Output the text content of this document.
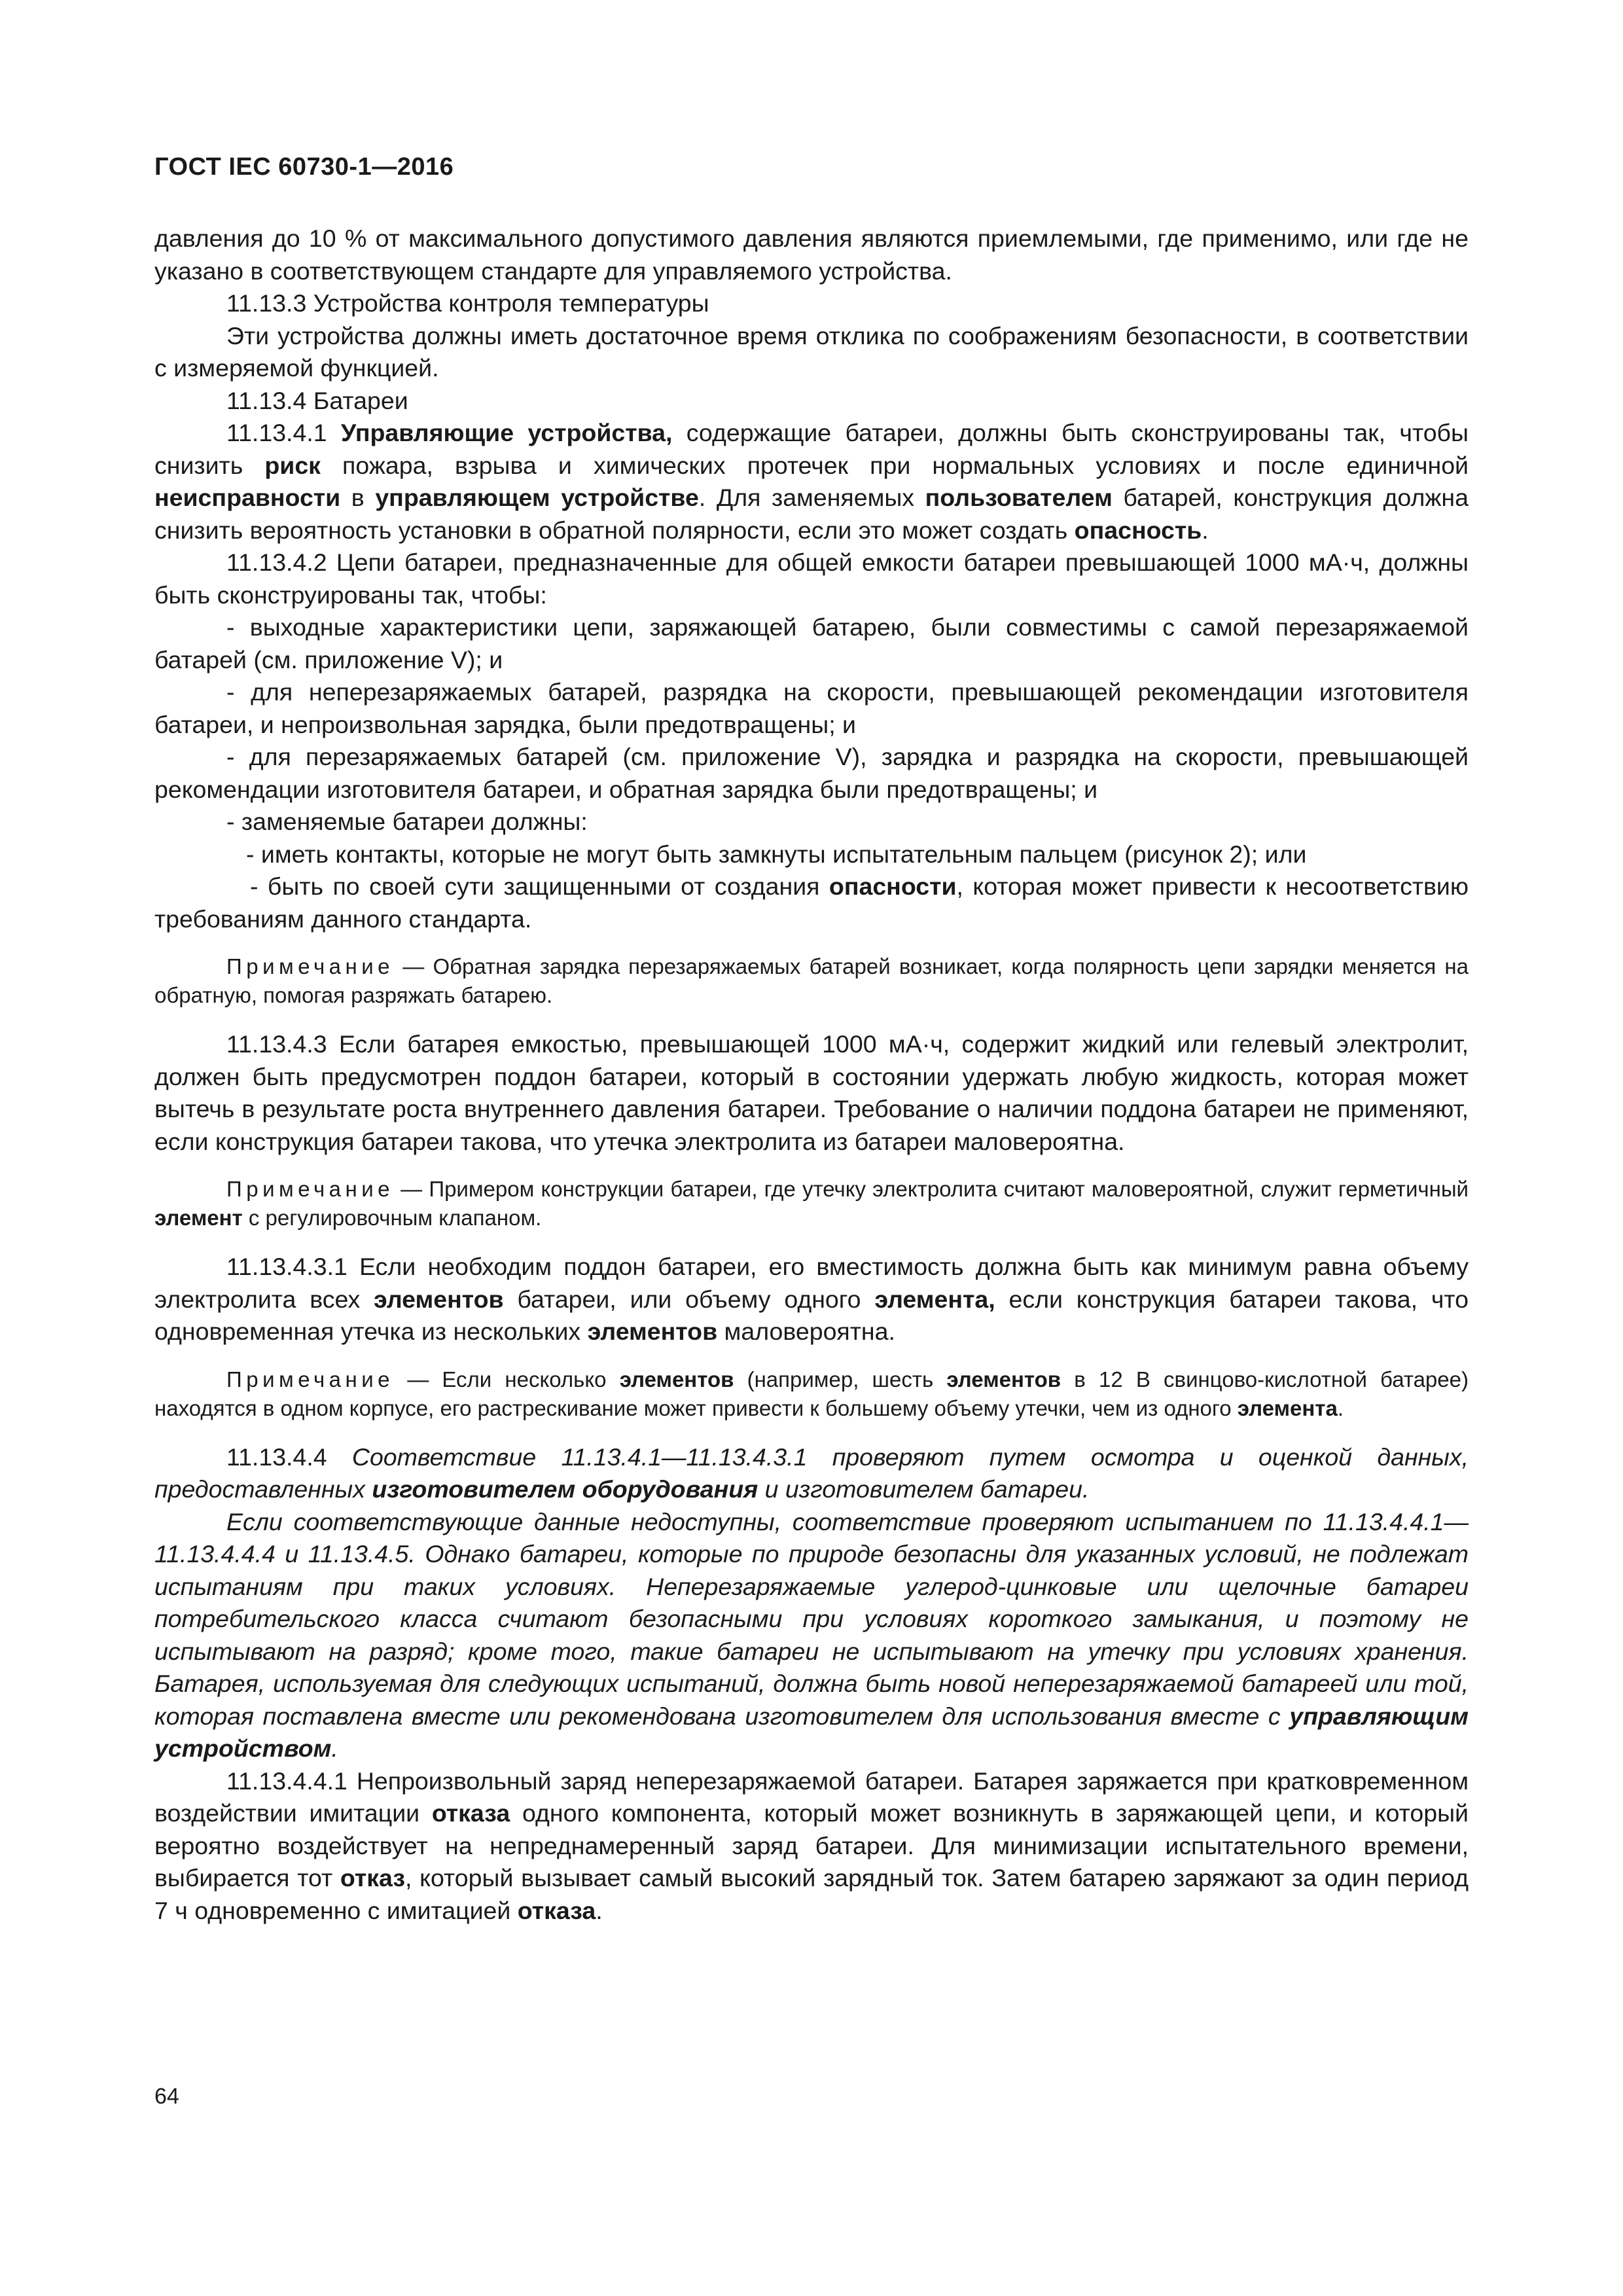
ГОСТ IEC 60730-1—2016

давления до 10 % от максимального допустимого давления являются приемлемыми, где применимо, или где не указано в соответствующем стандарте для управляемого устройства.

11.13.3 Устройства контроля температуры

Эти устройства должны иметь достаточное время отклика по соображениям безопасности, в соответствии с измеряемой функцией.

11.13.4 Батареи

11.13.4.1 Управляющие устройства, содержащие батареи, должны быть сконструированы так, чтобы снизить риск пожара, взрыва и химических протечек при нормальных условиях и после единичной неисправности в управляющем устройстве. Для заменяемых пользователем батарей, конструкция должна снизить вероятность установки в обратной полярности, если это может создать опасность.

11.13.4.2 Цепи батареи, предназначенные для общей емкости батареи превышающей 1000 мА·ч, должны быть сконструированы так, чтобы:

- выходные характеристики цепи, заряжающей батарею, были совместимы с самой перезаряжаемой батарей (см. приложение V); и

- для неперезаряжаемых батарей, разрядка на скорости, превышающей рекомендации изготовителя батареи, и непроизвольная зарядка, были предотвращены; и

- для перезаряжаемых батарей (см. приложение V), зарядка и разрядка на скорости, превышающей рекомендации изготовителя батареи, и обратная зарядка были предотвращены; и

- заменяемые батареи должны:

- иметь контакты, которые не могут быть замкнуты испытательным пальцем (рисунок 2); или

- быть по своей сути защищенными от создания опасности, которая может привести к несоответствию требованиям данного стандарта.

Примечание — Обратная зарядка перезаряжаемых батарей возникает, когда полярность цепи зарядки меняется на обратную, помогая разряжать батарею.

11.13.4.3 Если батарея емкостью, превышающей 1000 мА·ч, содержит жидкий или гелевый электролит, должен быть предусмотрен поддон батареи, который в состоянии удержать любую жидкость, которая может вытечь в результате роста внутреннего давления батареи. Требование о наличии поддона батареи не применяют, если конструкция батареи такова, что утечка электролита из батареи маловероятна.

Примечание — Примером конструкции батареи, где утечку электролита считают маловероятной, служит герметичный элемент с регулировочным клапаном.

11.13.4.3.1 Если необходим поддон батареи, его вместимость должна быть как минимум равна объему электролита всех элементов батареи, или объему одного элемента, если конструкция батареи такова, что одновременная утечка из нескольких элементов маловероятна.

Примечание — Если несколько элементов (например, шесть элементов в 12 В свинцово-кислотной батарее) находятся в одном корпусе, его растрескивание может привести к большему объему утечки, чем из одного элемента.

11.13.4.4 Соответствие 11.13.4.1—11.13.4.3.1 проверяют путем осмотра и оценкой данных, предоставленных изготовителем оборудования и изготовителем батареи.

Если соответствующие данные недоступны, соответствие проверяют испытанием по 11.13.4.4.1—11.13.4.4.4 и 11.13.4.5. Однако батареи, которые по природе безопасны для указанных условий, не подлежат испытаниям при таких условиях. Неперезаряжаемые углерод-цинковые или щелочные батареи потребительского класса считают безопасными при условиях короткого замыкания, и поэтому не испытывают на разряд; кроме того, такие батареи не испытывают на утечку при условиях хранения. Батарея, используемая для следующих испытаний, должна быть новой неперезаряжаемой батареей или той, которая поставлена вместе или рекомендована изготовителем для использования вместе с управляющим устройством.

11.13.4.4.1 Непроизвольный заряд неперезаряжаемой батареи. Батарея заряжается при кратковременном воздействии имитации отказа одного компонента, который может возникнуть в заряжающей цепи, и который вероятно воздействует на непреднамеренный заряд батареи. Для минимизации испытательного времени, выбирается тот отказ, который вызывает самый высокий зарядный ток. Затем батарею заряжают за один период 7 ч одновременно с имитацией отказа.

64
